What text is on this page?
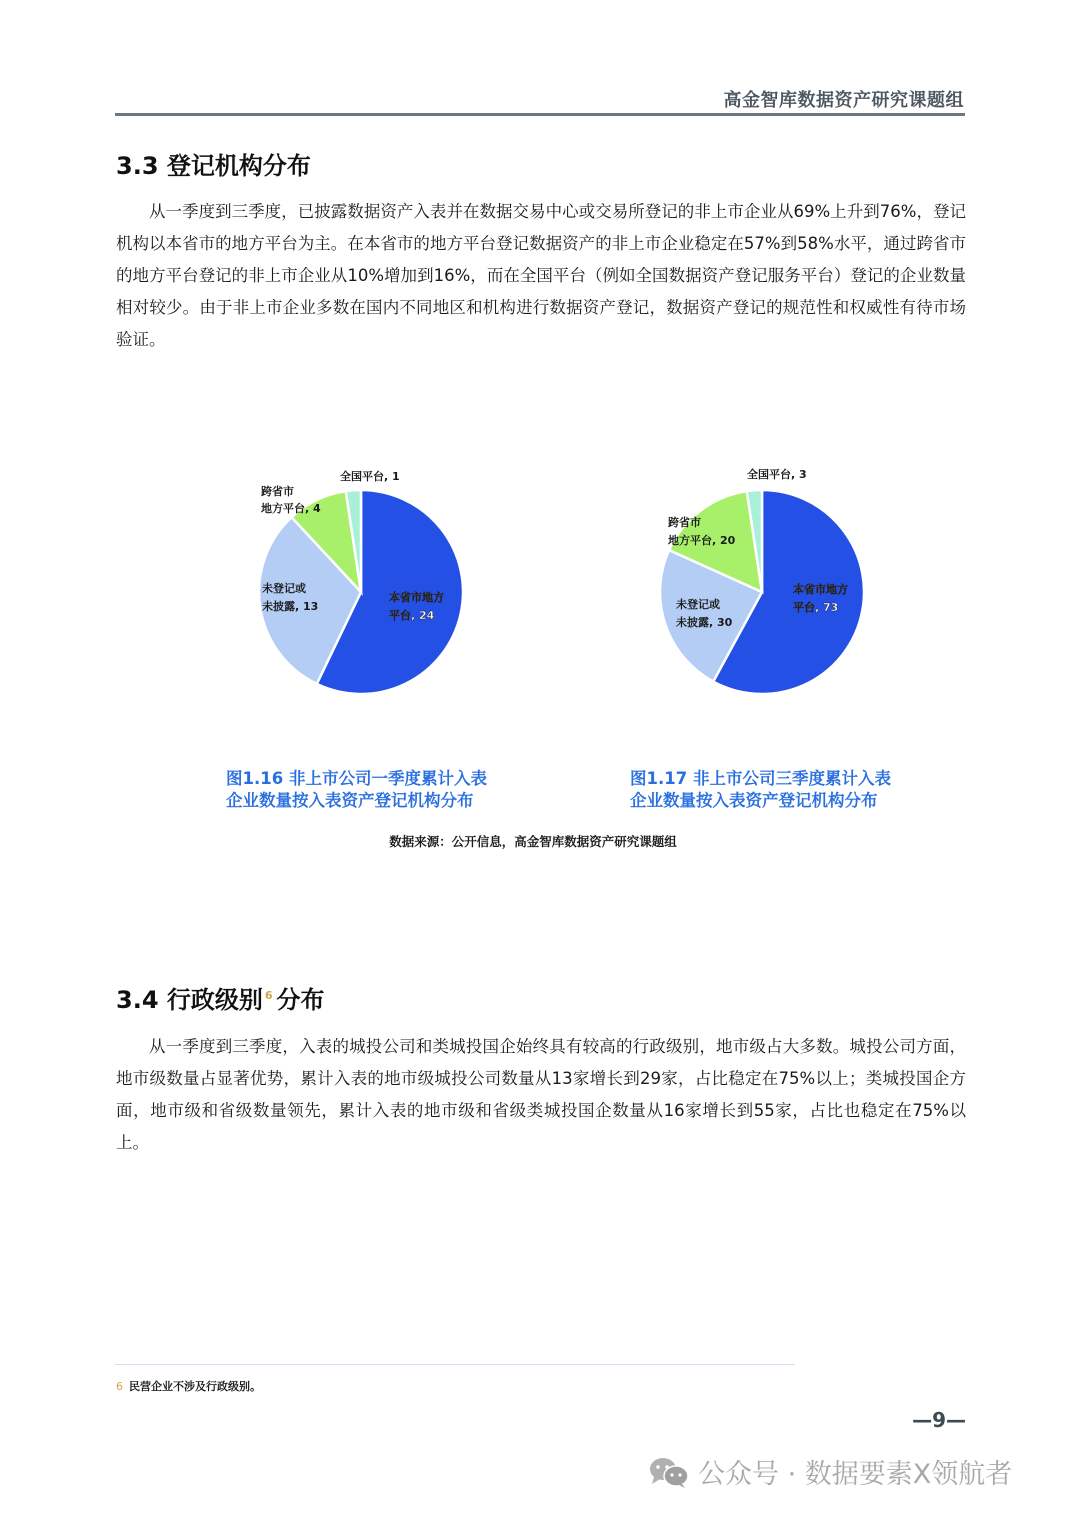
高金智库数据资产研究课题组
3.3 登记机构分布

从一季度到三季度，已披露数据资产入表并在数据交易中心或交易所登记的非上市企业从69%上升到76%，登记机构以本省市的地方平台为主。在本省市的地方平台登记数据资产的非上市企业稳定在57%到58%水平，通过跨省市的地方平台登记的非上市企业从10%增加到16%，而在全国平台（例如全国数据资产登记服务平台）登记的企业数量相对较少。由于非上市企业多数在国内不同地区和机构进行数据资产登记，数据资产登记的规范性和权威性有待市场验证。

全国平台, 1
跨省市
地方平台, 4
未登记或
未披露, 13
本省市地方
平台, 24
全国平台, 3
跨省市
地方平台, 20
未登记或
未披露, 30
本省市地方
平台, 73
图1.16 非上市公司一季度累计入表
企业数量按入表资产登记机构分布
图1.17 非上市公司三季度累计入表
企业数量按入表资产登记机构分布
数据来源：公开信息，高金智库数据资产研究课题组
3.4 行政级别 $^6$ 分布

从一季度到三季度，入表的城投公司和类城投国企始终具有较高的行政级别，地市级占大多数。城投公司方面，地市级数量占显著优势，累计入表的地市级城投公司数量从13家增长到29家，占比稳定在75%以上；类城投国企方面，地市级和省级数量领先，累计入表的地市级和省级类城投国企数量从16家增长到55家，占比也稳定在75%以上。

6 民营企业不涉及行政级别。
—9—
公众号 · 数据要素X领航者
